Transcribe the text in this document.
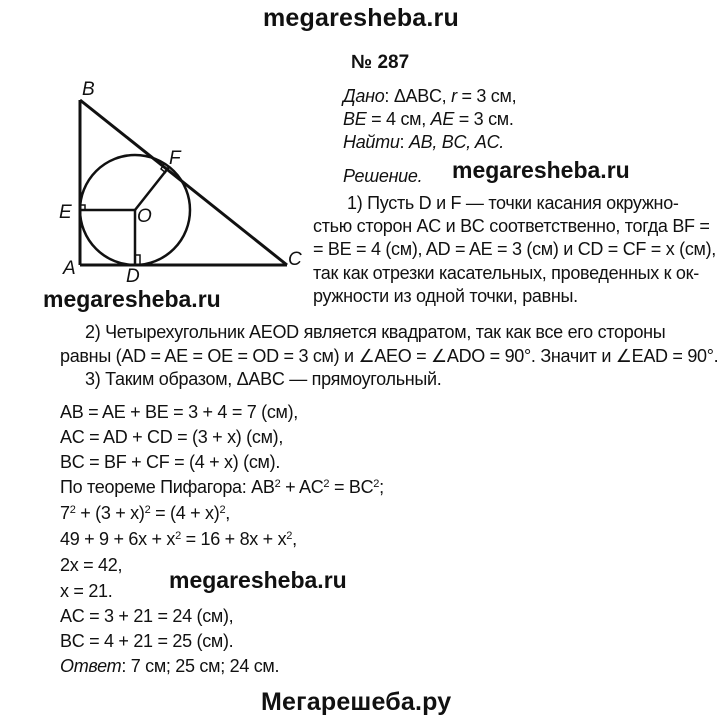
megaresheba.ru
B
A	C
E
D
F
O
№ 287
Дано: ΔABC, r = 3 см,
BE = 4 см, AE = 3 см.
Найти: AB, BC, AC.
Решение. megaresheba.ru
1) Пусть D и F — точки касания окружно-
стью сторон AC и BC соответственно, тогда BF =
= BE = 4 (см), AD = AE = 3 (см) и CD = CF = x (см),
так как отрезки касательных, проведенных к ок-
ружности из одной точки, равны.
megaresheba.ru
2) Четырехугольник AEOD является квадратом, так как все его стороны
равны (AD = AE = OE = OD = 3 см) и ∠AEO = ∠ADO = 90°. Значит и ∠EAD = 90°.
3) Таким образом, ΔABC — прямоугольный.
AB = AE + BE = 3 + 4 = 7 (см),
AC = AD + CD = (3 + x) (см),
BC = BF + CF = (4 + x) (см).
По теореме Пифагора: $AB^2 + AC^2 = BC^2$;
$7^2 + (3 + x)^2 = (4 + x)^2$,
$49 + 9 + 6x + x^2 = 16 + 8x + x^2$,
2x = 42,
megaresheba.ru
x = 21.
AC = 3 + 21 = 24 (см),
BC = 4 + 21 = 25 (см).
Ответ: 7 см; 25 см; 24 см.
Мегарешеба.ру
